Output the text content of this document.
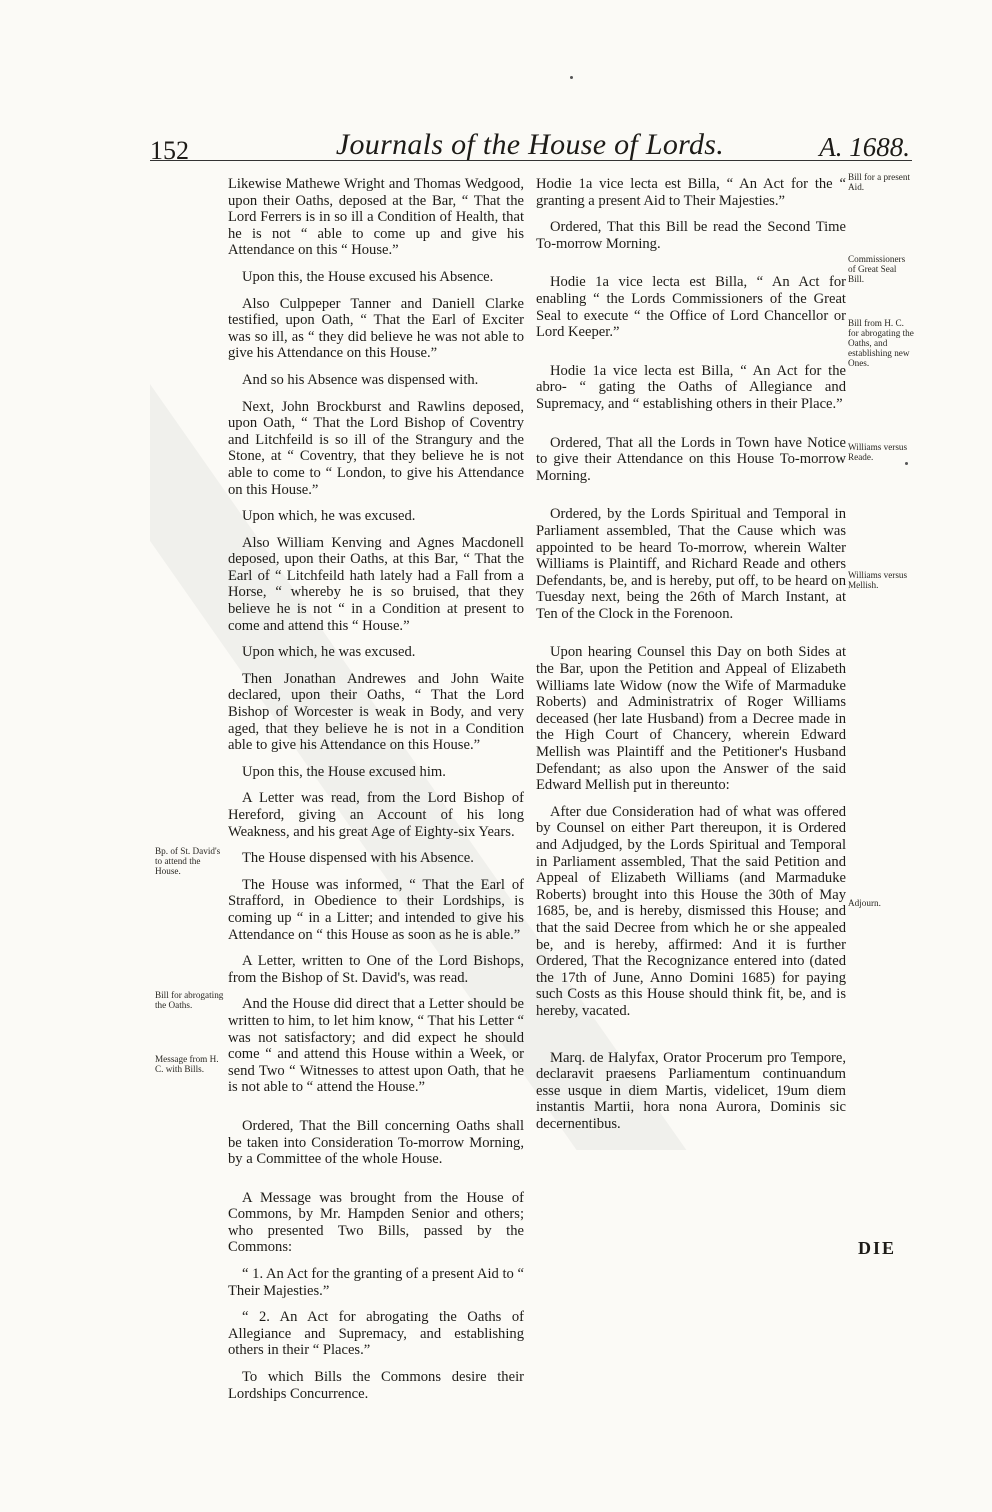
152	Journals of the House of Lords.	A. 1688.

Likewise Mathewe Wright and Thomas Wedgood, upon their Oaths, deposed at the Bar, “ That the Lord Ferrers is in so ill a Condition of Health, that he is not “ able to come up and give his Attendance on this “ House.”

Upon this, the House excused his Absence.

Also Culppeper Tanner and Daniell Clarke testified, upon Oath, “ That the Earl of Exciter was so ill, as “ they did believe he was not able to give his Attendance on this House.”

And so his Absence was dispensed with.

Next, John Brockburst and Rawlins deposed, upon Oath, “ That the Lord Bishop of Coventry and Litchfeild is so ill of the Strangury and the Stone, at “ Coventry, that they believe he is not able to come to “ London, to give his Attendance on this House.”

Upon which, he was excused.

Also William Kenving and Agnes Macdonell deposed, upon their Oaths, at this Bar, “ That the Earl of “ Litchfeild hath lately had a Fall from a Horse, “ whereby he is so bruised, that they believe he is not “ in a Condition at present to come and attend this “ House.”

Upon which, he was excused.

Then Jonathan Andrewes and John Waite declared, upon their Oaths, “ That the Lord Bishop of Worcester is weak in Body, and very aged, that they believe he is not in a Condition able to give his Attendance on this House.”

Upon this, the House excused him.

A Letter was read, from the Lord Bishop of Hereford, giving an Account of his long Weakness, and his great Age of Eighty-six Years.

The House dispensed with his Absence.

The House was informed, “ That the Earl of Strafford, in Obedience to their Lordships, is coming up “ in a Litter; and intended to give his Attendance on “ this House as soon as he is able.”

A Letter, written to One of the Lord Bishops, from the Bishop of St. David's, was read.

And the House did direct that a Letter should be written to him, to let him know, “ That his Letter “ was not satisfactory; and did expect he should come “ and attend this House within a Week, or send Two “ Witnesses to attest upon Oath, that he is not able to “ attend the House.”

Ordered, That the Bill concerning Oaths shall be taken into Consideration To-morrow Morning, by a Committee of the whole House.

A Message was brought from the House of Commons, by Mr. Hampden Senior and others; who presented Two Bills, passed by the Commons:

“ 1. An Act for the granting of a present Aid to “ Their Majesties.”

“ 2. An Act for abrogating the Oaths of Allegiance and Supremacy, and establishing others in their “ Places.”

To which Bills the Commons desire their Lordships Concurrence.

Hodie 1a vice lecta est Billa, “ An Act for the “ granting a present Aid to Their Majesties.”

Ordered, That this Bill be read the Second Time To-morrow Morning.

Hodie 1a vice lecta est Billa, “ An Act for enabling “ the Lords Commissioners of the Great Seal to execute “ the Office of Lord Chancellor or Lord Keeper.”

Hodie 1a vice lecta est Billa, “ An Act for the abro- “ gating the Oaths of Allegiance and Supremacy, and “ establishing others in their Place.”

Ordered, That all the Lords in Town have Notice to give their Attendance on this House To-morrow Morning.

Ordered, by the Lords Spiritual and Temporal in Parliament assembled, That the Cause which was appointed to be heard To-morrow, wherein Walter Williams is Plaintiff, and Richard Reade and others Defendants, be, and is hereby, put off, to be heard on Tuesday next, being the 26th of March Instant, at Ten of the Clock in the Forenoon.

Upon hearing Counsel this Day on both Sides at the Bar, upon the Petition and Appeal of Elizabeth Williams late Widow (now the Wife of Marmaduke Roberts) and Administratrix of Roger Williams deceased (her late Husband) from a Decree made in the High Court of Chancery, wherein Edward Mellish was Plaintiff and the Petitioner's Husband Defendant; as also upon the Answer of the said Edward Mellish put in thereunto:

After due Consideration had of what was offered by Counsel on either Part thereupon, it is Ordered and Adjudged, by the Lords Spiritual and Temporal in Parliament assembled, That the said Petition and Appeal of Elizabeth Williams (and Marmaduke Roberts) brought into this House the 30th of May 1685, be, and is hereby, dismissed this House; and that the said Decree from which he or she appealed be, and is hereby, affirmed: And it is further Ordered, That the Recognizance entered into (dated the 17th of June, Anno Domini 1685) for paying such Costs as this House should think fit, be, and is hereby, vacated.

Marq. de Halyfax, Orator Procerum pro Tempore, declaravit praesens Parliamentum continuandum esse usque in diem Martis, videlicet, 19um diem instantis Martii, hora nona Aurora, Dominis sic decernentibus.

Bp. of St. David's to attend the House.
Bill for abrogating the Oaths.
Message from H. C. with Bills.
Bill for a present Aid.
Commissioners of Great Seal Bill.
Bill from H. C. for abrogating the Oaths, and establishing new Ones.
Williams versus Reade.
Williams versus Mellish.
Adjourn.
DIE
